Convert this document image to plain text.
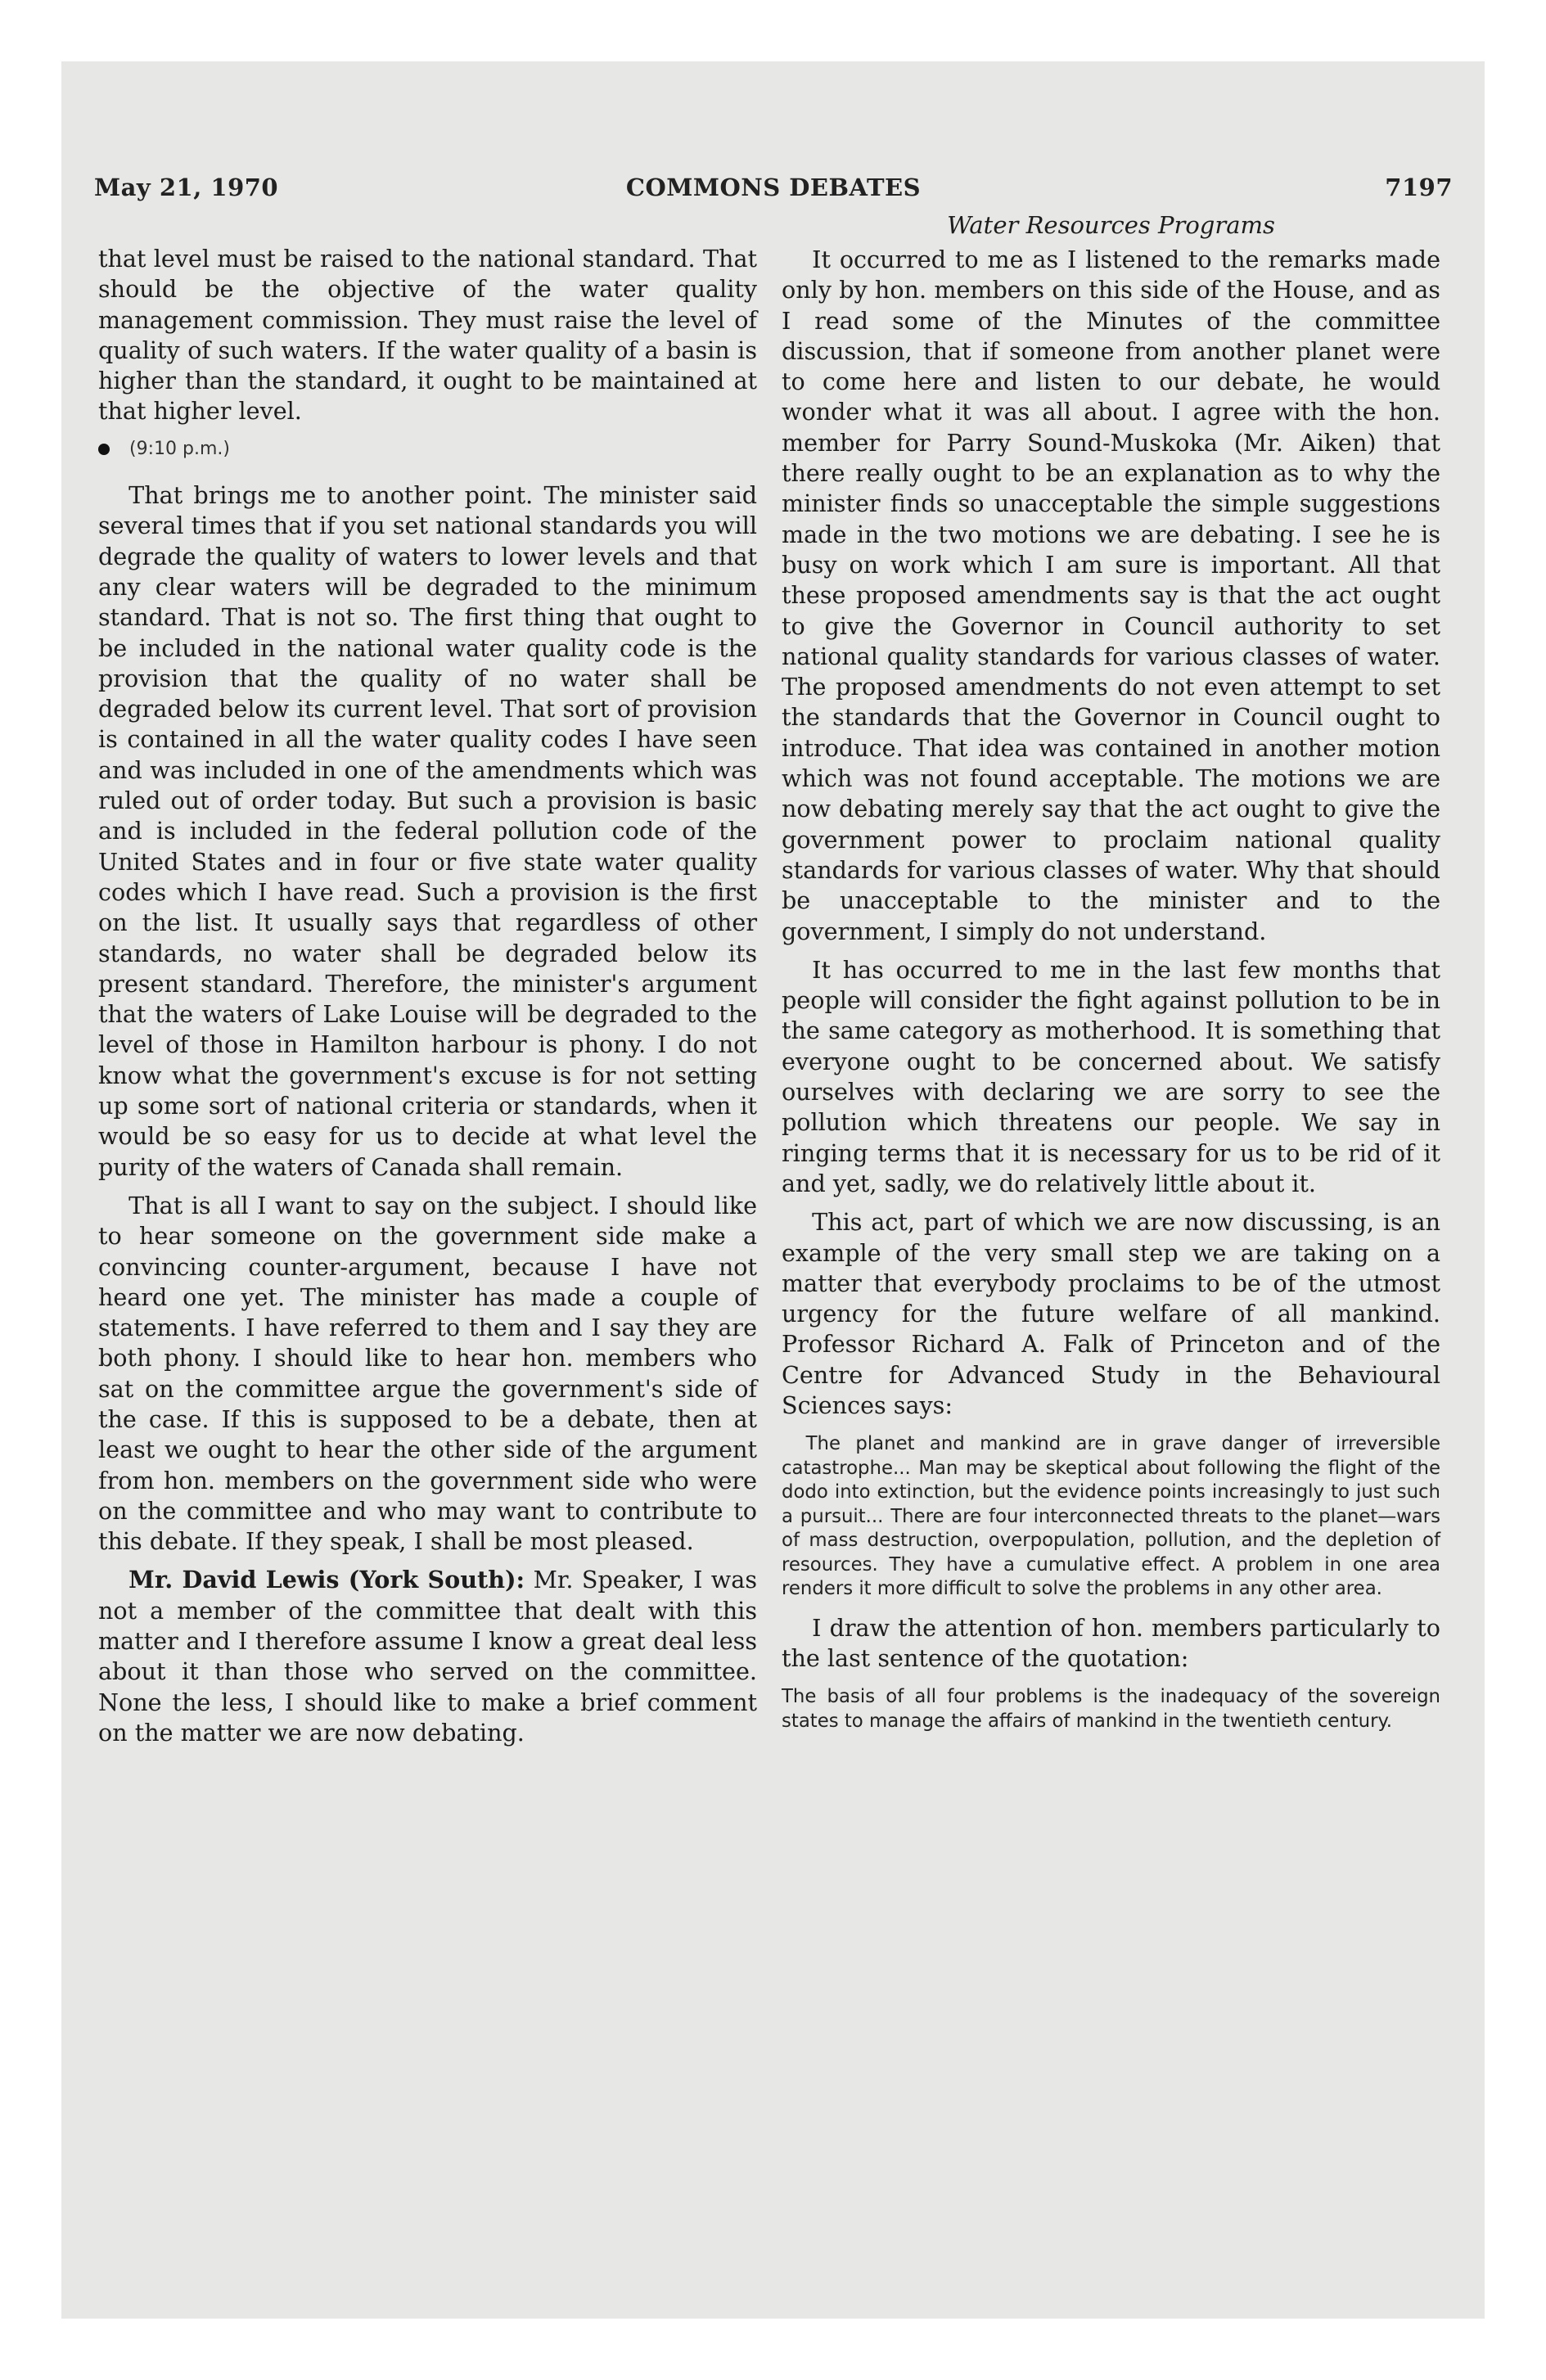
May 21, 1970	COMMONS DEBATES	7197

that level must be raised to the national standard. That should be the objective of the water quality management commission. They must raise the level of quality of such waters. If the water quality of a basin is higher than the standard, it ought to be maintained at that higher level.

(9:10 p.m.)

That brings me to another point. The minister said several times that if you set national standards you will degrade the quality of waters to lower levels and that any clear waters will be degraded to the minimum standard. That is not so. The first thing that ought to be included in the national water quality code is the provision that the quality of no water shall be degraded below its current level. That sort of provision is contained in all the water quality codes I have seen and was included in one of the amendments which was ruled out of order today. But such a provision is basic and is included in the federal pollution code of the United States and in four or five state water quality codes which I have read. Such a provision is the first on the list. It usually says that regardless of other standards, no water shall be degraded below its present standard. Therefore, the minister's argument that the waters of Lake Louise will be degraded to the level of those in Hamilton harbour is phony. I do not know what the government's excuse is for not setting up some sort of national criteria or standards, when it would be so easy for us to decide at what level the purity of the waters of Canada shall remain.

That is all I want to say on the subject. I should like to hear someone on the government side make a convincing counter-argument, because I have not heard one yet. The minister has made a couple of statements. I have referred to them and I say they are both phony. I should like to hear hon. members who sat on the committee argue the government's side of the case. If this is supposed to be a debate, then at least we ought to hear the other side of the argument from hon. members on the government side who were on the committee and who may want to contribute to this debate. If they speak, I shall be most pleased.

Mr. David Lewis (York South): Mr. Speaker, I was not a member of the committee that dealt with this matter and I therefore assume I know a great deal less about it than those who served on the committee. None the less, I should like to make a brief comment on the matter we are now debating.

Water Resources Programs

It occurred to me as I listened to the remarks made only by hon. members on this side of the House, and as I read some of the Minutes of the committee discussion, that if someone from another planet were to come here and listen to our debate, he would wonder what it was all about. I agree with the hon. member for Parry Sound-Muskoka (Mr. Aiken) that there really ought to be an explanation as to why the minister finds so unacceptable the simple suggestions made in the two motions we are debating. I see he is busy on work which I am sure is important. All that these proposed amendments say is that the act ought to give the Governor in Council authority to set national quality standards for various classes of water. The proposed amendments do not even attempt to set the standards that the Governor in Council ought to introduce. That idea was contained in another motion which was not found acceptable. The motions we are now debating merely say that the act ought to give the government power to proclaim national quality standards for various classes of water. Why that should be unacceptable to the minister and to the government, I simply do not understand.

It has occurred to me in the last few months that people will consider the fight against pollution to be in the same category as motherhood. It is something that everyone ought to be concerned about. We satisfy ourselves with declaring we are sorry to see the pollution which threatens our people. We say in ringing terms that it is necessary for us to be rid of it and yet, sadly, we do relatively little about it.

This act, part of which we are now discussing, is an example of the very small step we are taking on a matter that everybody proclaims to be of the utmost urgency for the future welfare of all mankind. Professor Richard A. Falk of Princeton and of the Centre for Advanced Study in the Behavioural Sciences says:

The planet and mankind are in grave danger of irreversible catastrophe... Man may be skeptical about following the flight of the dodo into extinction, but the evidence points increasingly to just such a pursuit... There are four interconnected threats to the planet—wars of mass destruction, overpopulation, pollution, and the depletion of resources. They have a cumulative effect. A problem in one area renders it more difficult to solve the problems in any other area.

I draw the attention of hon. members particularly to the last sentence of the quotation:

The basis of all four problems is the inadequacy of the sovereign states to manage the affairs of mankind in the twentieth century.
